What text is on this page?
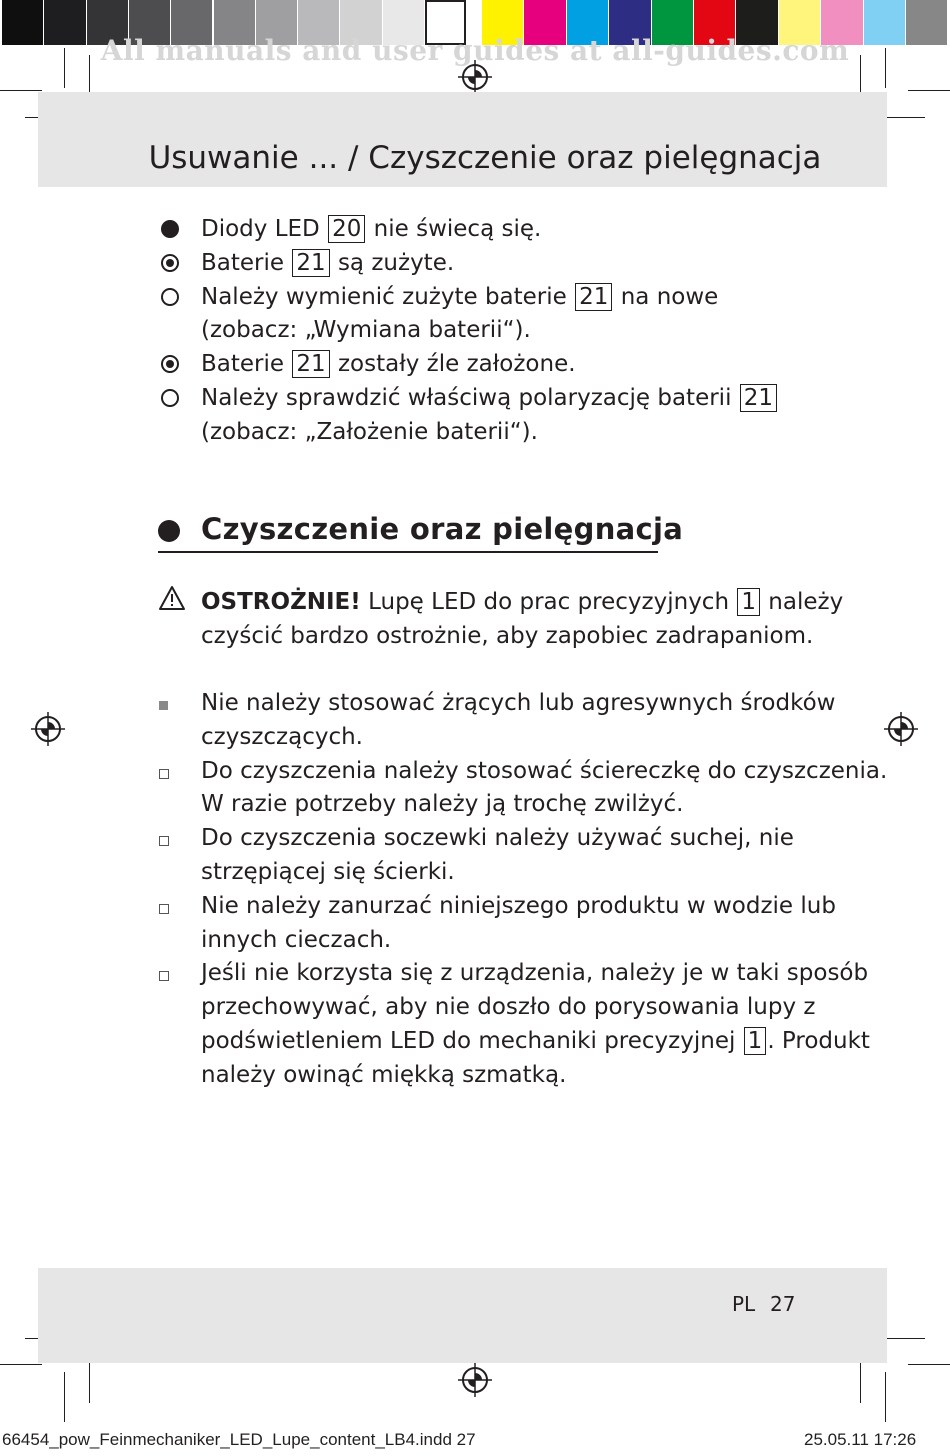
All manuals and user guides at all-guides.com
Usuwanie ... / Czyszczenie oraz pielęgnacja
Diody LED 20 nie świecą się.
Baterie 21 są zużyte.
Należy wymienić zużyte baterie 21 na nowe
(zobacz: „Wymiana baterii“).
Baterie 21 zostały źle założone.
Należy sprawdzić właściwą polaryzację baterii 21
(zobacz: „Założenie baterii“).
Czyszczenie oraz pielęgnacja
OSTROŻNIE! Lupę LED do prac precyzyjnych 1 należy
czyścić bardzo ostrożnie, aby zapobiec zadrapaniom.
Nie należy stosować żrących lub agresywnych środków
czyszczących.
Do czyszczenia należy stosować ściereczkę do czyszczenia.
W razie potrzeby należy ją trochę zwilżyć.
Do czyszczenia soczewki należy używać suchej, nie
strzępiącej się ścierki.
Nie należy zanurzać niniejszego produktu w wodzie lub
innych cieczach.
Jeśli nie korzysta się z urządzenia, należy je w taki sposób
przechowywać, aby nie doszło do porysowania lupy z
podświetleniem LED do mechaniki precyzyjnej 1 . Produkt
należy owinąć miękką szmatką.
PL 27
66454_pow_Feinmechaniker_LED_Lupe_content_LB4.indd 27	25.05.11 17:26
